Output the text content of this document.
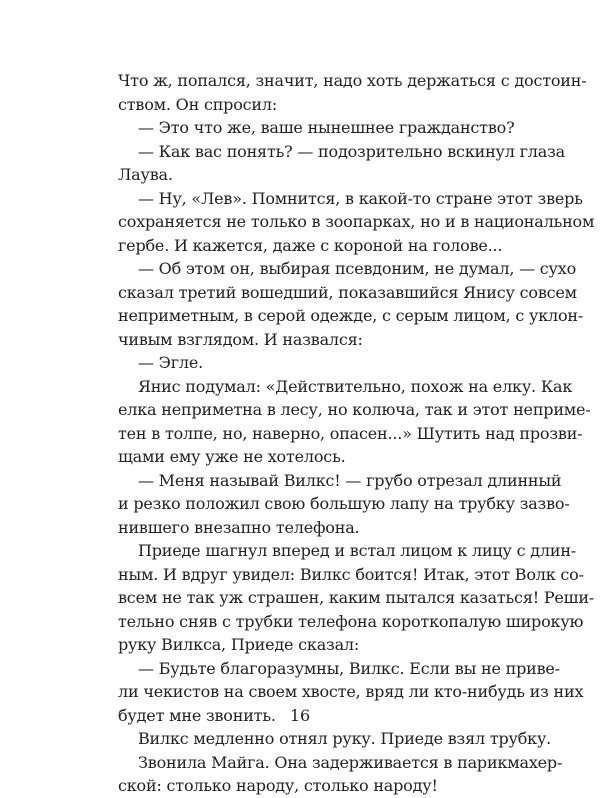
Что ж, попался, значит, надо хоть держаться с достоин-
ством. Он спросил:
— Это что же, ваше нынешнее гражданство?
— Как вас понять? — подозрительно вскинул глаза
Лаува.
— Ну, «Лев». Помнится, в какой-то стране этот зверь
сохраняется не только в зоопарках, но и в национальном
гербе. И кажется, даже с короной на голове...
— Об этом он, выбирая псевдоним, не думал, — сухо
сказал третий вошедший, показавшийся Янису совсем
неприметным, в серой одежде, с серым лицом, с уклон-
чивым взглядом. И назвался:
— Эгле.
Янис подумал: «Действительно, похож на елку. Как
елка неприметна в лесу, но колюча, так и этот неприме-
тен в толпе, но, наверно, опасен...» Шутить над прозви-
щами ему уже не хотелось.
— Меня называй Вилкс! — грубо отрезал длинный
и резко положил свою большую лапу на трубку зазво-
нившего внезапно телефона.
Приеде шагнул вперед и встал лицом к лицу с длин-
ным. И вдруг увидел: Вилкс боится! Итак, этот Волк со-
всем не так уж страшен, каким пытался казаться! Реши-
тельно сняв с трубки телефона короткопалую широкую
руку Вилкса, Приеде сказал:
— Будьте благоразумны, Вилкс. Если вы не приве-
ли чекистов на своем хвосте, вряд ли кто-нибудь из них
будет мне звонить.
Вилкс медленно отнял руку. Приеде взял трубку.
Звонила Майга. Она задерживается в парикмахер-
ской: столько народу, столько народу!
16
